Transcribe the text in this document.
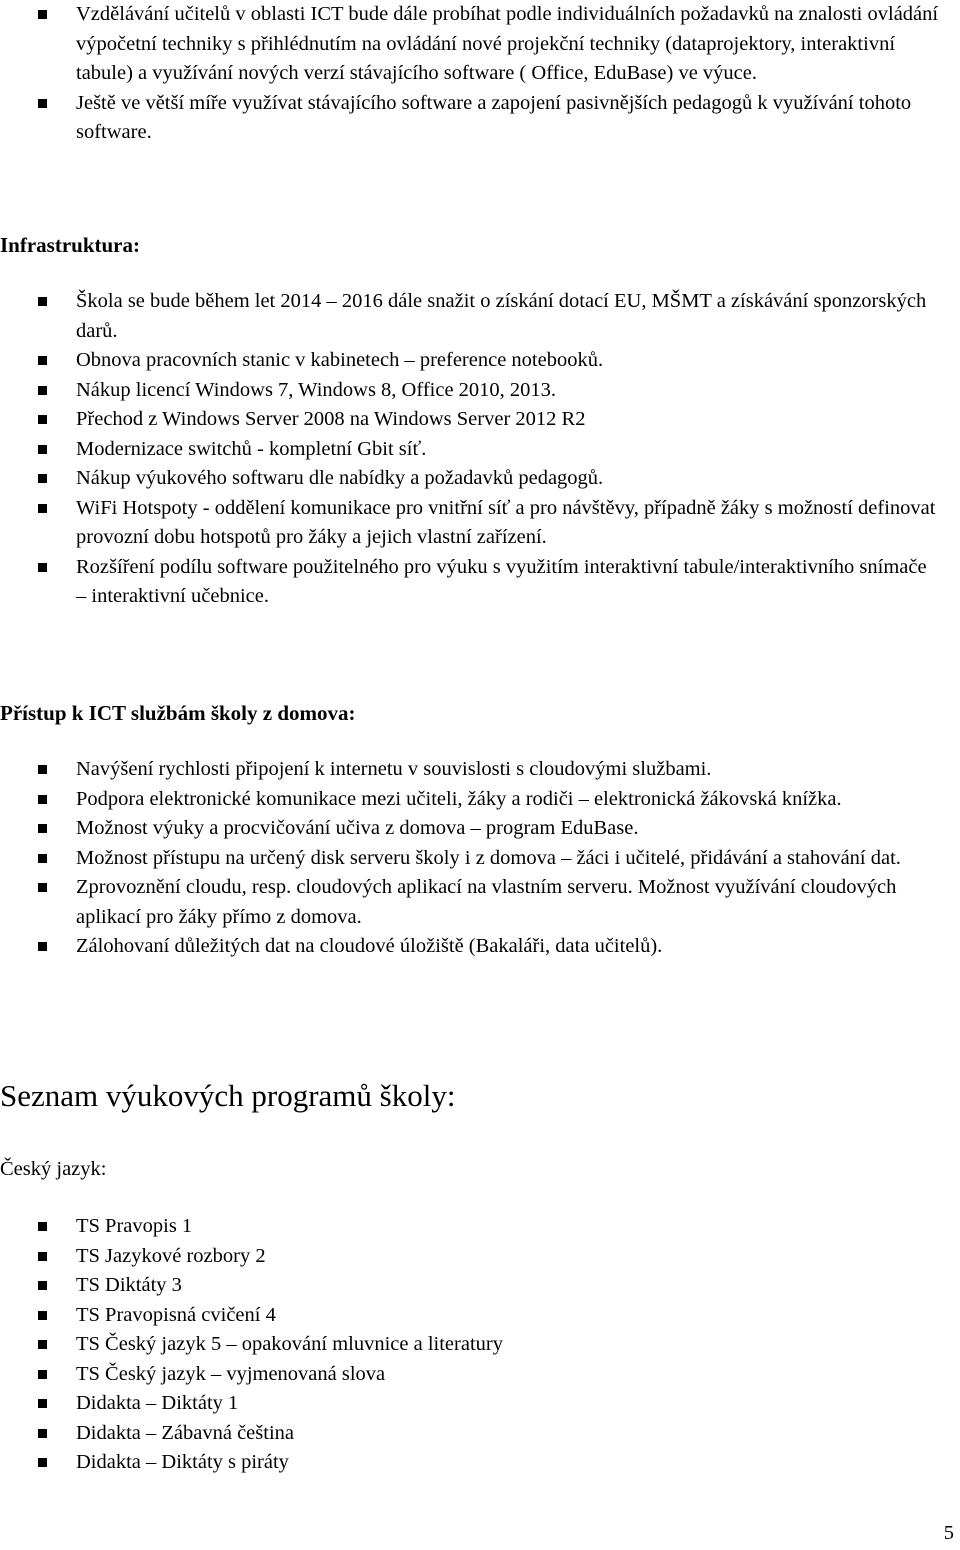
Vzdělávání učitelů v oblasti ICT bude dále probíhat podle individuálních požadavků na znalosti ovládání výpočetní techniky s přihlédnutím na ovládání nové projekční techniky (dataprojektory, interaktivní tabule) a využívání nových verzí stávajícího software ( Office, EduBase) ve výuce.
Ještě ve větší míře využívat stávajícího software a zapojení pasivnějších pedagogů k využívání tohoto software.
Infrastruktura:
Škola se bude během let 2014 – 2016 dále snažit o získání dotací EU, MŠMT a získávání sponzorských darů.
Obnova pracovních stanic v kabinetech – preference notebooků.
Nákup licencí Windows 7, Windows 8, Office 2010, 2013.
Přechod z Windows Server 2008 na Windows Server 2012 R2
Modernizace switchů - kompletní Gbit síť.
Nákup výukového softwaru dle nabídky a požadavků pedagogů.
WiFi Hotspoty - oddělení komunikace pro vnitřní síť a pro návštěvy, případně žáky s možností definovat provozní dobu hotspotů pro žáky a jejich vlastní zařízení.
Rozšíření podílu software použitelného pro výuku s využitím interaktivní tabule/interaktivního snímače – interaktivní učebnice.
Přístup k ICT službám školy z domova:
Navýšení rychlosti připojení k internetu v souvislosti s cloudovými službami.
Podpora elektronické komunikace mezi učiteli, žáky a rodiči – elektronická žákovská knížka.
Možnost výuky a procvičování učiva z domova – program EduBase.
Možnost přístupu na určený disk serveru školy i z domova – žáci i učitelé, přidávání a stahování dat.
Zprovoznění cloudu, resp. cloudových aplikací na vlastním serveru. Možnost využívání cloudových aplikací pro žáky přímo z domova.
Zálohovaní důležitých dat na cloudové úložiště (Bakaláři, data učitelů).
Seznam výukových programů školy:
Český jazyk:
TS Pravopis 1
TS Jazykové rozbory 2
TS Diktáty 3
TS Pravopisná cvičení 4
TS Český jazyk 5 – opakování mluvnice a literatury
TS Český jazyk – vyjmenovaná slova
Didakta – Diktáty 1
Didakta – Zábavná čeština
Didakta – Diktáty s piráty
5
